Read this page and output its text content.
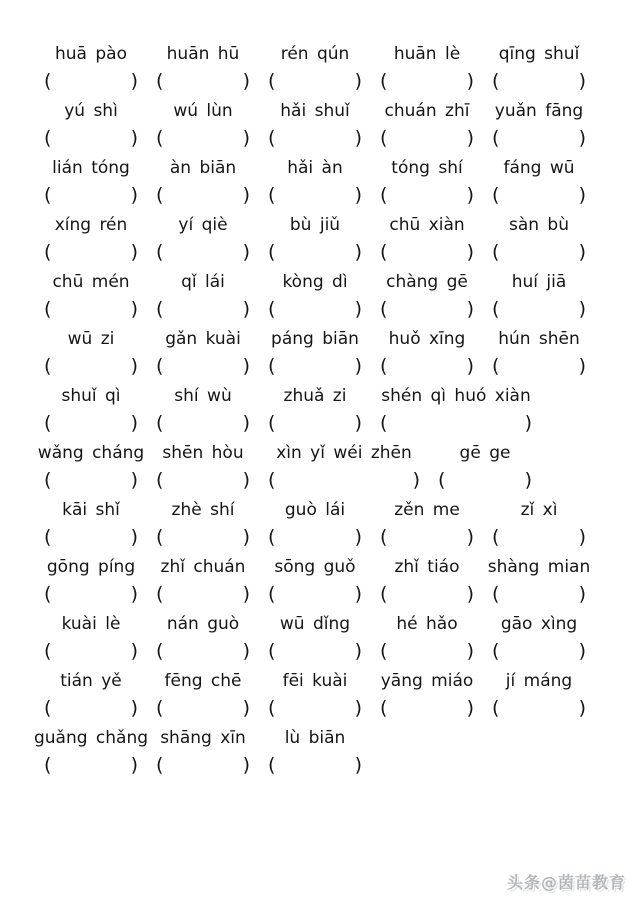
huā pào
(	)
huān hū
(	)
rén qún
(	)
huān lè
(	)
qīng shuǐ
(	)
yú shì
(	)
wú lùn
(	)
hǎi shuǐ
(	)
chuán zhī
(	)
yuǎn fāng
(	)
lián tóng
(	)
àn biān
(	)
hǎi àn
(	)
tóng shí
(	)
fáng wū
(	)
xíng rén
(	)
yí qiè
(	)
bù jiǔ
(	)
chū xiàn
(	)
sàn bù
(	)
chū mén
(	)
qǐ lái
(	)
kòng dì
(	)
chàng gē
(	)
huí jiā
(	)
wū zi
(	)
gǎn kuài
(	)
páng biān
(	)
huǒ xīng
(	)
hún shēn
(	)
shuǐ qì
(	)
shí wù
(	)
zhuǎ zi
(	)
shén qì huó xiàn
(	)
wǎng cháng
(	)
shēn hòu
(	)
xìn yǐ wéi zhēn
(	)
gē ge
(	)
kāi shǐ
(	)
zhè shí
(	)
guò lái
(	)
zěn me
(	)
zǐ xì
(	)
gōng píng
(	)
zhǐ chuán
(	)
sōng guǒ
(	)
zhǐ tiáo
(	)
shàng mian
(	)
kuài lè
(	)
nán guò
(	)
wū dǐng
(	)
hé hǎo
(	)
gāo xìng
(	)
tián yě
(	)
fēng chē
(	)
fēi kuài
(	)
yāng miáo
(	)
jí máng
(	)
guǎng chǎng
(	)
shāng xīn
(	)
lù biān
(	)
头条@茵苗教育
